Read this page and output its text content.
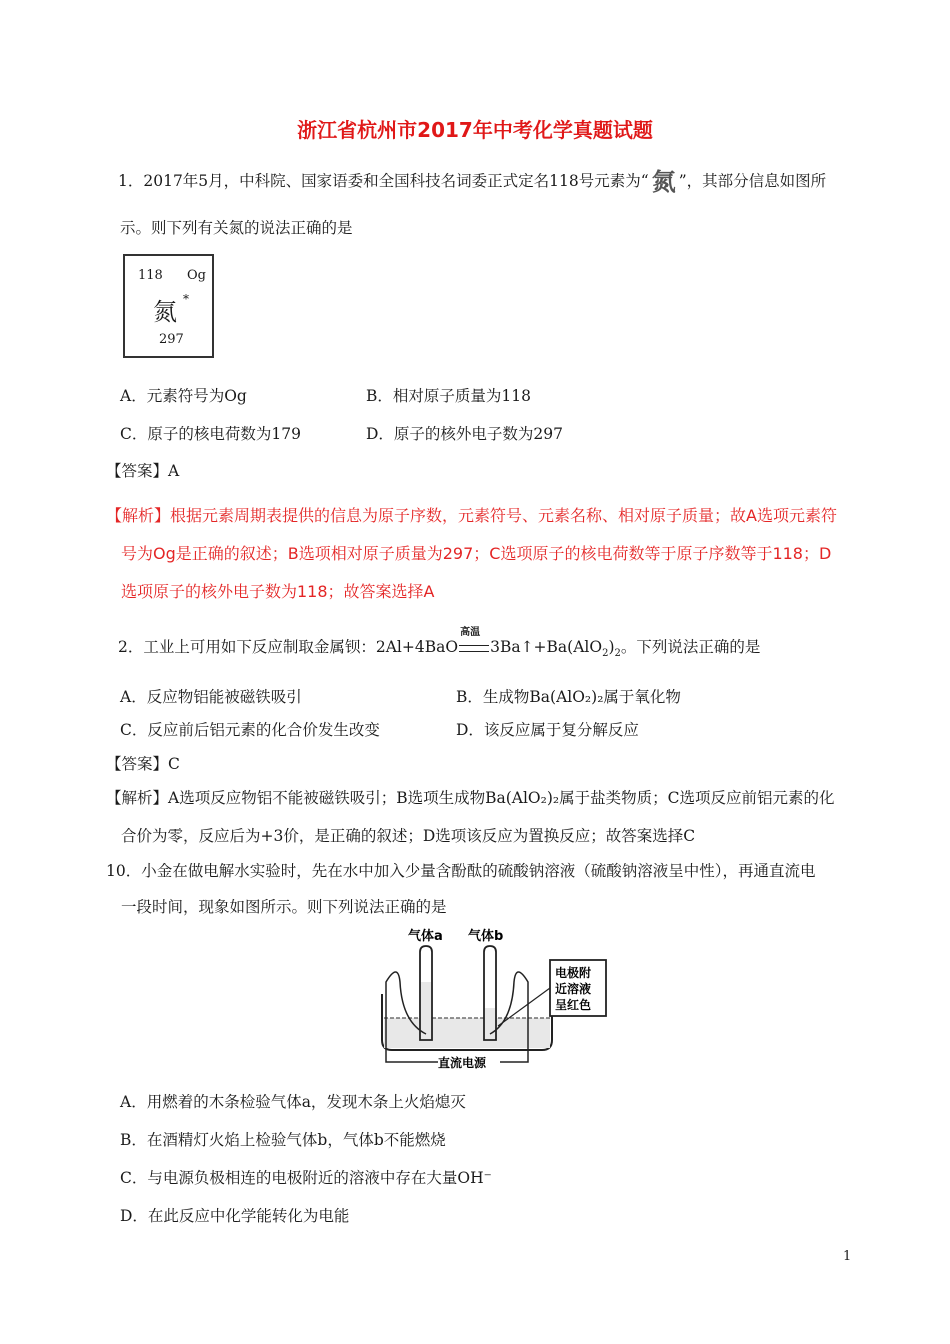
浙江省杭州市2017年中考化学真题试题
1．2017年5月，中科院、国家语委和全国科技名词委正式定名118号元素为“ 氮 ”，其部分信息如图所
示。则下列有关氮的说法正确的是
118 Og
氮 *
297
A．元素符号为Og	B．相对原子质量为118
C．原子的核电荷数为179	D．原子的核外电子数为297
【答案】A
【解析】根据元素周期表提供的信息为原子序数，元素符号、元素名称、相对原子质量；故A选项元素符
号为Og是正确的叙述；B选项相对原子质量为297；C选项原子的核电荷数等于原子序数等于118；D
选项原子的核外电子数为118；故答案选择A
2．工业上可用如下反应制取金属钡：2Al+4BaO
高温
$3Ba↑+Ba(AlO_2)_2$。下列说法正确的是
A．反应物铝能被磁铁吸引	B．生成物Ba(AlO₂)₂属于氧化物
C．反应前后铝元素的化合价发生改变	D．该反应属于复分解反应
【答案】C
【解析】A选项反应物铝不能被磁铁吸引；B选项生成物Ba(AlO₂)₂属于盐类物质；C选项反应前铝元素的化
合价为零，反应后为+3价，是正确的叙述；D选项该反应为置换反应；故答案选择C
10．小金在做电解水实验时，先在水中加入少量含酚酞的硫酸钠溶液（硫酸钠溶液呈中性），再通直流电
一段时间，现象如图所示。则下列说法正确的是
气体a 气体b
直流电源
电极附
近溶液
呈红色
A．用燃着的木条检验气体a，发现木条上火焰熄灭
B．在酒精灯火焰上检验气体b，气体b不能燃烧
C．与电源负极相连的电极附近的溶液中存在大量OH⁻
D．在此反应中化学能转化为电能
1
